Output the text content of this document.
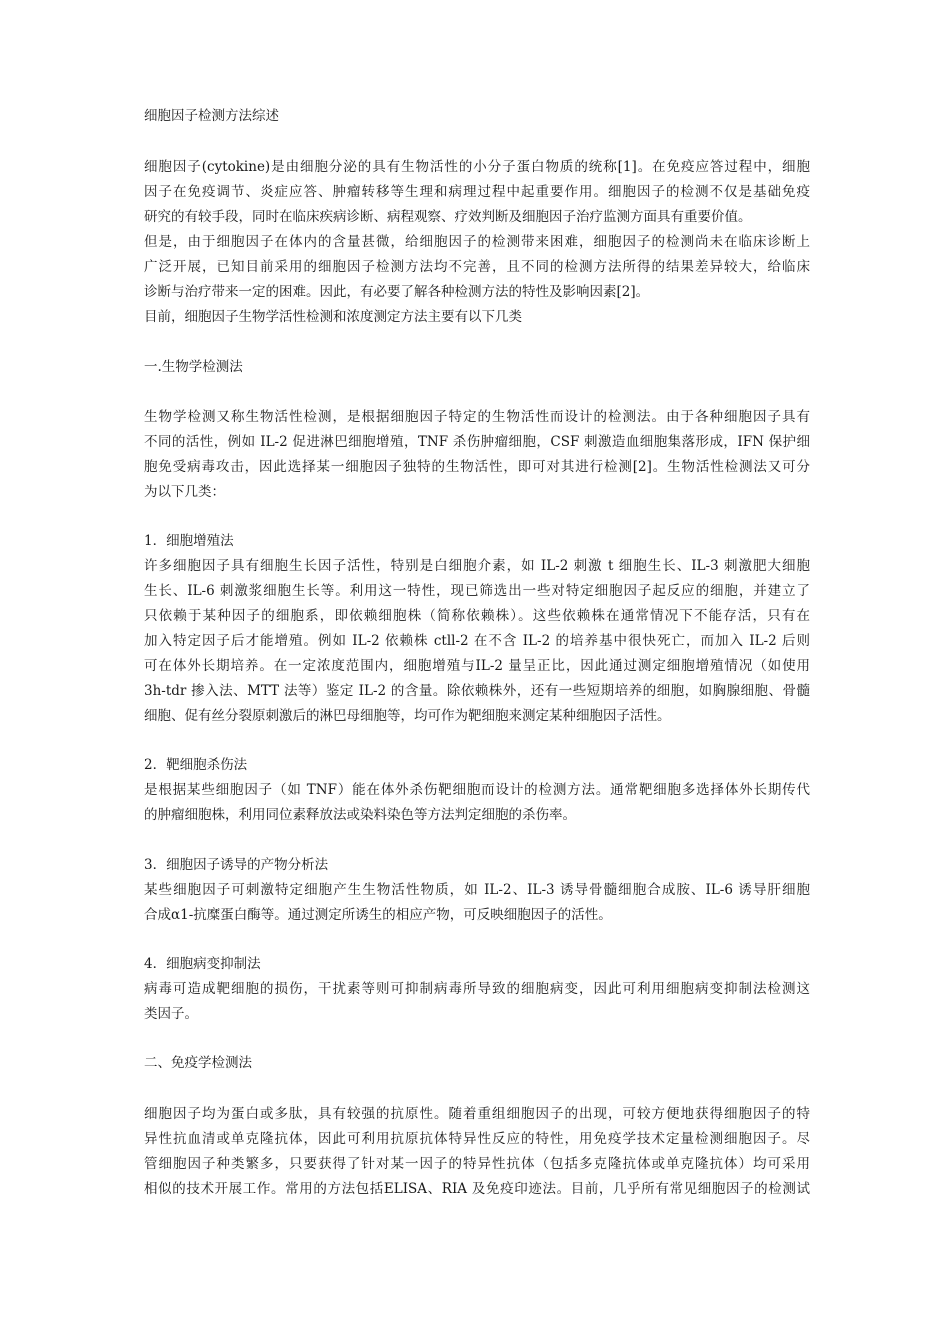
细胞因子检测方法综述
细胞因子(cytokine)是由细胞分泌的具有生物活性的小分子蛋白物质的统称[1]。在免疫应答过程中，细胞
因子在免疫调节、炎症应答、肿瘤转移等生理和病理过程中起重要作用。细胞因子的检测不仅是基础免疫
研究的有较手段，同时在临床疾病诊断、病程观察、疗效判断及细胞因子治疗监测方面具有重要价值。
但是，由于细胞因子在体内的含量甚微，给细胞因子的检测带来困难，细胞因子的检测尚未在临床诊断上
广泛开展，已知目前采用的细胞因子检测方法均不完善，且不同的检测方法所得的结果差异较大，给临床
诊断与治疗带来一定的困难。因此，有必要了解各种检测方法的特性及影响因素[2]。
目前，细胞因子生物学活性检测和浓度测定方法主要有以下几类
一.生物学检测法
生物学检测又称生物活性检测，是根据细胞因子特定的生物活性而设计的检测法。由于各种细胞因子具有
不同的活性，例如 IL-2 促进淋巴细胞增殖，TNF 杀伤肿瘤细胞，CSF 刺激造血细胞集落形成，IFN 保护细
胞免受病毒攻击，因此选择某一细胞因子独特的生物活性，即可对其进行检测[2]。生物活性检测法又可分
为以下几类：
1．细胞增殖法
许多细胞因子具有细胞生长因子活性，特别是白细胞介素，如 IL-2 刺激 t 细胞生长、IL-3 刺激肥大细胞
生长、IL-6 刺激浆细胞生长等。利用这一特性，现已筛选出一些对特定细胞因子起反应的细胞，并建立了
只依赖于某种因子的细胞系，即依赖细胞株（简称依赖株）。这些依赖株在通常情况下不能存活，只有在
加入特定因子后才能增殖。例如 IL-2 依赖株 ctll-2 在不含 IL-2 的培养基中很快死亡，而加入 IL-2 后则
可在体外长期培养。在一定浓度范围内，细胞增殖与IL-2 量呈正比，因此通过测定细胞增殖情况（如使用
3h-tdr 掺入法、MTT 法等）鉴定 IL-2 的含量。除依赖株外，还有一些短期培养的细胞，如胸腺细胞、骨髓
细胞、促有丝分裂原刺激后的淋巴母细胞等，均可作为靶细胞来测定某种细胞因子活性。
2．靶细胞杀伤法
是根据某些细胞因子（如 TNF）能在体外杀伤靶细胞而设计的检测方法。通常靶细胞多选择体外长期传代
的肿瘤细胞株，利用同位素释放法或染料染色等方法判定细胞的杀伤率。
3．细胞因子诱导的产物分析法
某些细胞因子可刺激特定细胞产生生物活性物质，如 IL-2、IL-3 诱导骨髓细胞合成胺、IL-6 诱导肝细胞
合成α1-抗糜蛋白酶等。通过测定所诱生的相应产物，可反映细胞因子的活性。
4．细胞病变抑制法
病毒可造成靶细胞的损伤，干扰素等则可抑制病毒所导致的细胞病变，因此可利用细胞病变抑制法检测这
类因子。
二、免疫学检测法
细胞因子均为蛋白或多肽，具有较强的抗原性。随着重组细胞因子的出现，可较方便地获得细胞因子的特
异性抗血清或单克隆抗体，因此可利用抗原抗体特异性反应的特性，用免疫学技术定量检测细胞因子。尽
管细胞因子种类繁多，只要获得了针对某一因子的特异性抗体（包括多克隆抗体或单克隆抗体）均可采用
相似的技术开展工作。常用的方法包括ELISA、RIA 及免疫印迹法。目前，几乎所有常见细胞因子的检测试
